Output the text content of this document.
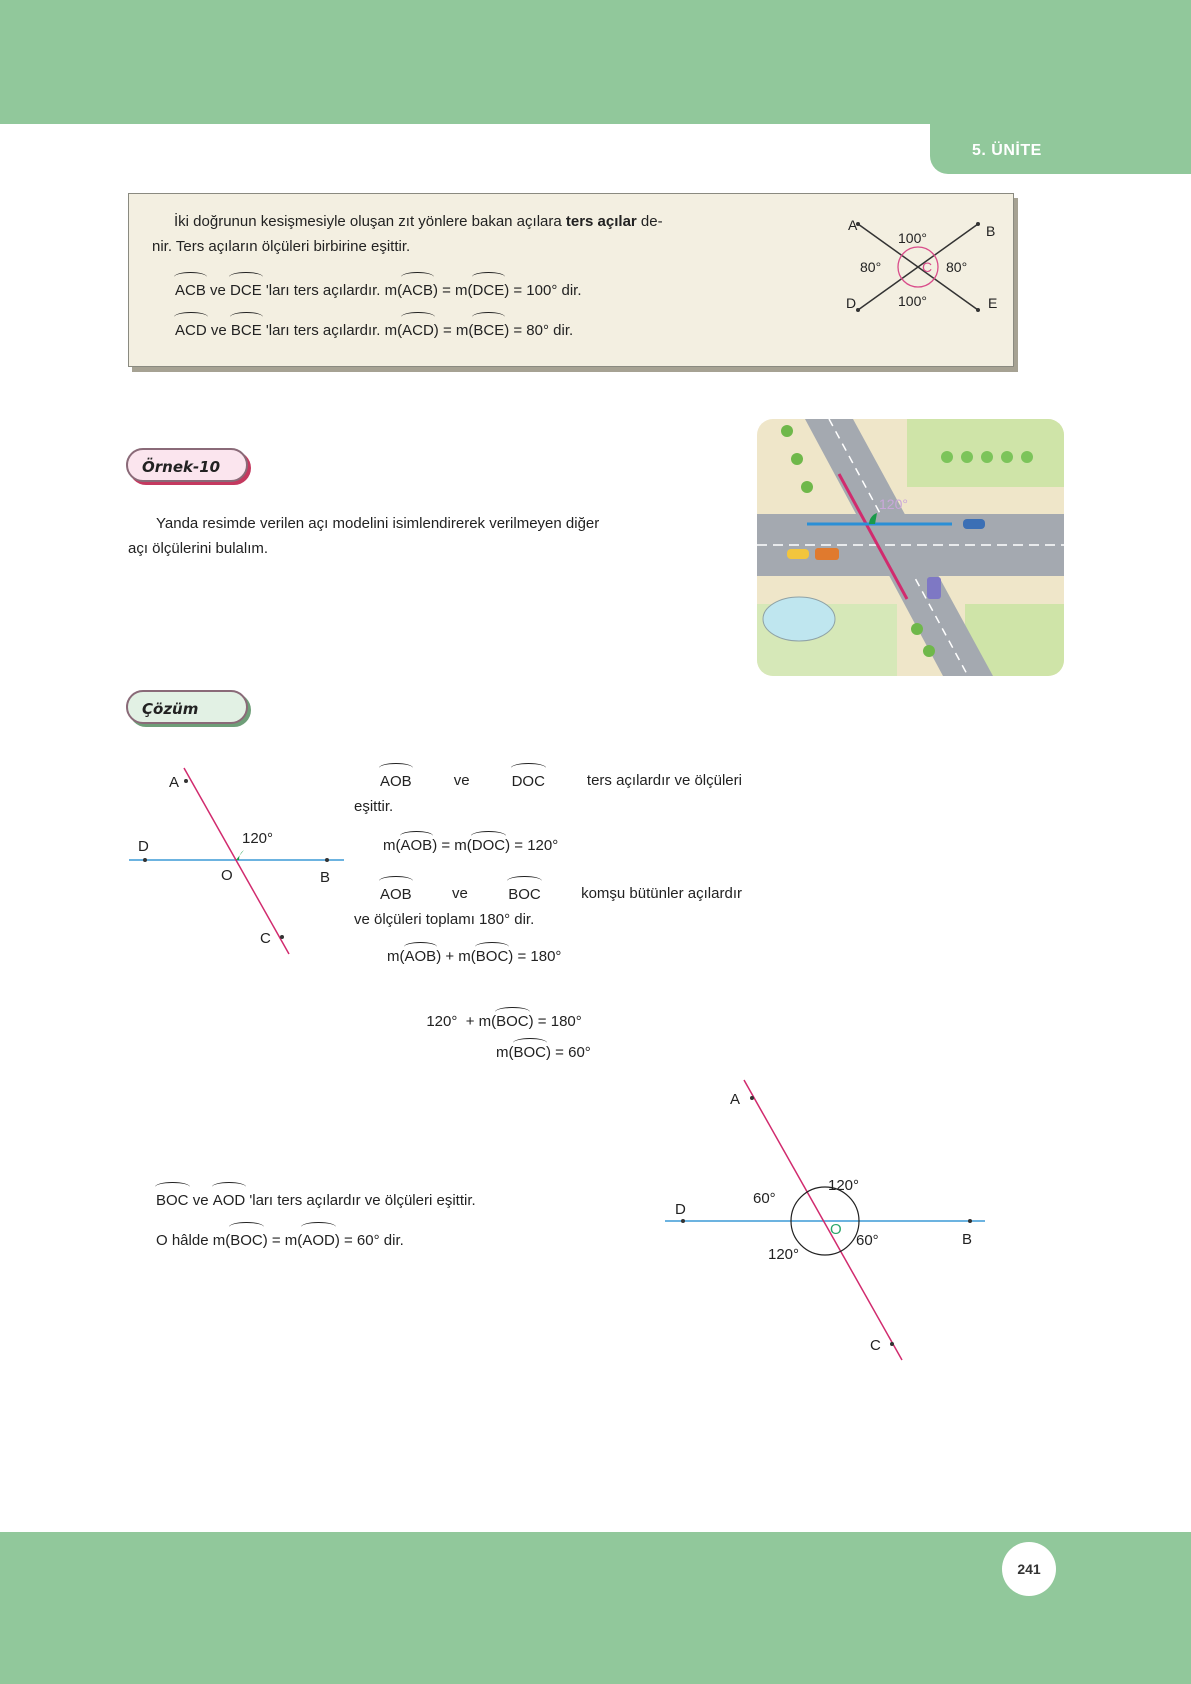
5. ÜNİTE
İki doğrunun kesişmesiyle oluşan zıt yönlere bakan açılara ters açılar de-
nir. Ters açıların ölçüleri birbirine eşittir.
ACB ve DCE 'ları ters açılardır. m(ACB) = m(DCE) = 100° dir.
ACD ve BCE 'ları ters açılardır. m(ACD) = m(BCE) = 80° dir.
A	B
D	E
C
100°
100°
80°	80°
Örnek-10
Yanda resimde verilen açı modelini isimlendirerek verilmeyen diğer
açı ölçülerini bulalım.
120°
Çözüm
A
D
B
O
C
120°
AOB	ve	DOC	ters açılardır ve ölçüleri
eşittir.
m(AOB) = m(DOC) = 120°
AOB	ve	BOC	komşu bütünler açılardır
ve ölçüleri toplamı 180° dir.
m(AOB) + m(BOC) = 180°

120°  + m(BOC) = 180°

m(BOC) = 60°
BOC ve AOD 'ları ters açılardır ve ölçüleri eşittir.
O hâlde m(BOC) = m(AOD) = 60° dir.
A
D
B
O
C
120°
60°
120°
60°
241
